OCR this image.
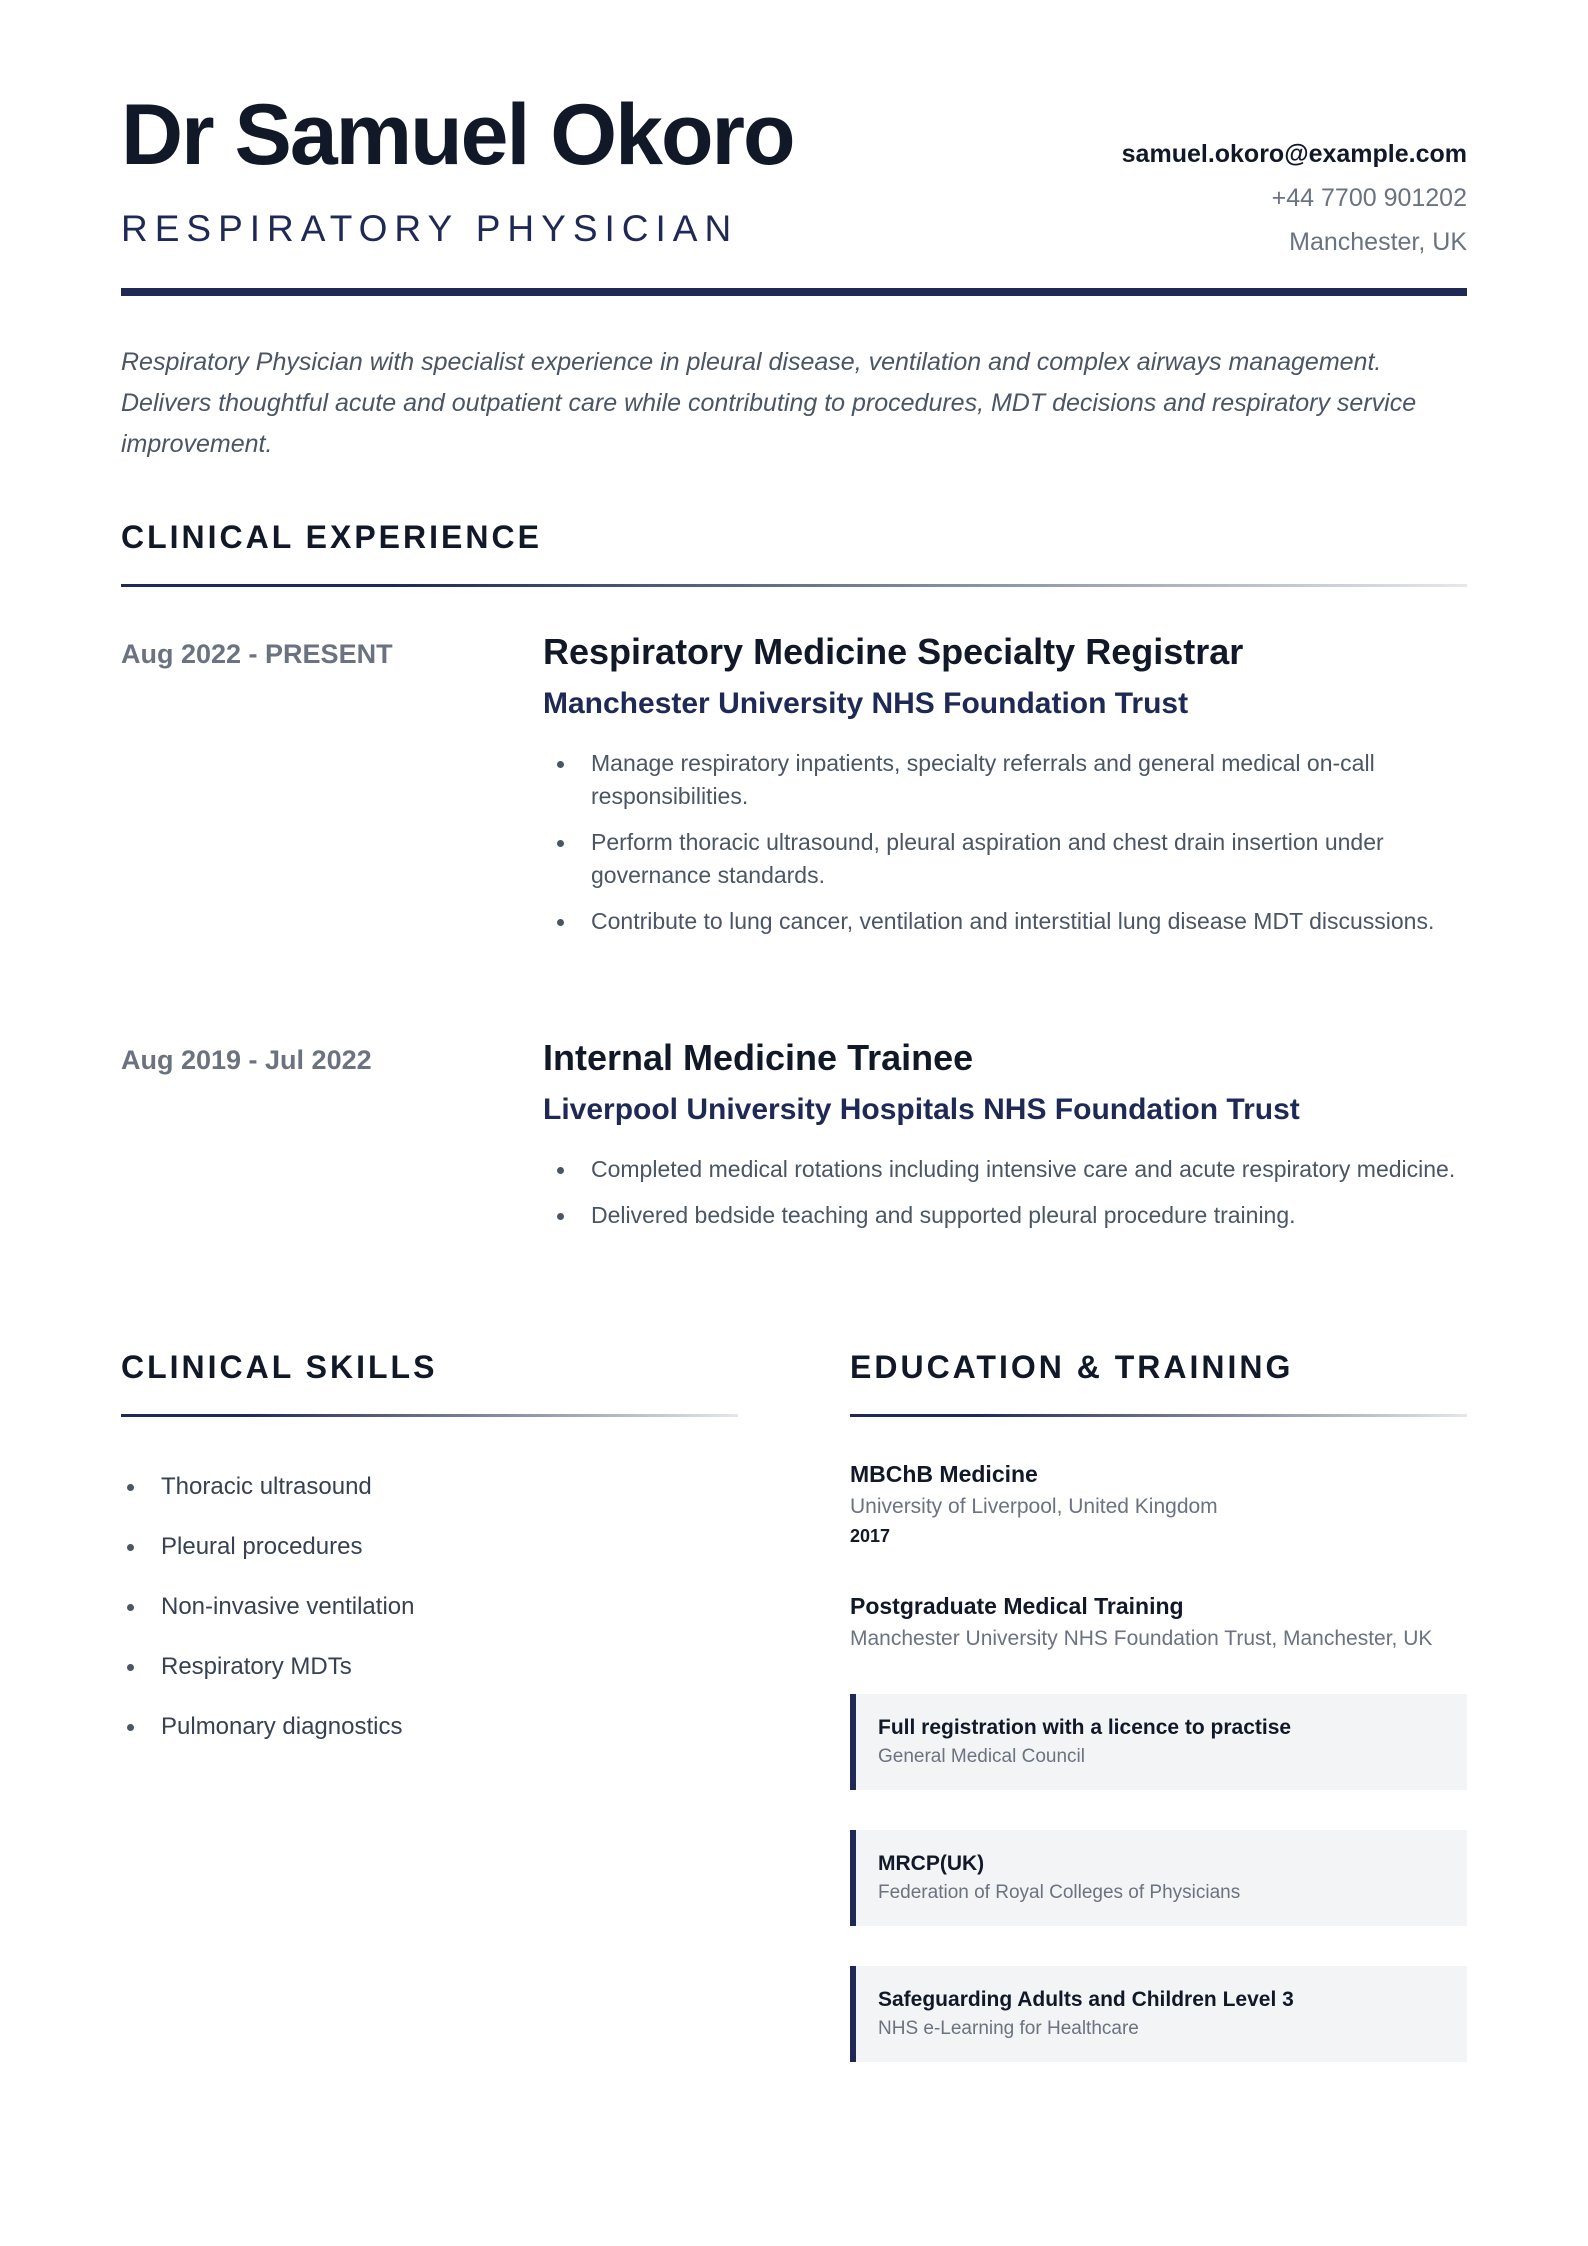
Dr Samuel Okoro
RESPIRATORY PHYSICIAN
samuel.okoro@example.com
+44 7700 901202
Manchester, UK

Respiratory Physician with specialist experience in pleural disease, ventilation and complex airways management. Delivers thoughtful acute and outpatient care while contributing to procedures, MDT decisions and respiratory service improvement.

CLINICAL EXPERIENCE
Aug 2022 - PRESENT	Respiratory Medicine Specialty Registrar
Manchester University NHS Foundation Trust
Manage respiratory inpatients, specialty referrals and general medical on-call responsibilities.
Perform thoracic ultrasound, pleural aspiration and chest drain insertion under governance standards.
Contribute to lung cancer, ventilation and interstitial lung disease MDT discussions.
Aug 2019 - Jul 2022	Internal Medicine Trainee
Liverpool University Hospitals NHS Foundation Trust
Completed medical rotations including intensive care and acute respiratory medicine.
Delivered bedside teaching and supported pleural procedure training.
CLINICAL SKILLS
Thoracic ultrasound
Pleural procedures
Non-invasive ventilation
Respiratory MDTs
Pulmonary diagnostics
EDUCATION & TRAINING
MBChB Medicine
University of Liverpool, United Kingdom
2017
Postgraduate Medical Training
Manchester University NHS Foundation Trust, Manchester, UK
Full registration with a licence to practise
General Medical Council
MRCP(UK)
Federation of Royal Colleges of Physicians
Safeguarding Adults and Children Level 3
NHS e-Learning for Healthcare
